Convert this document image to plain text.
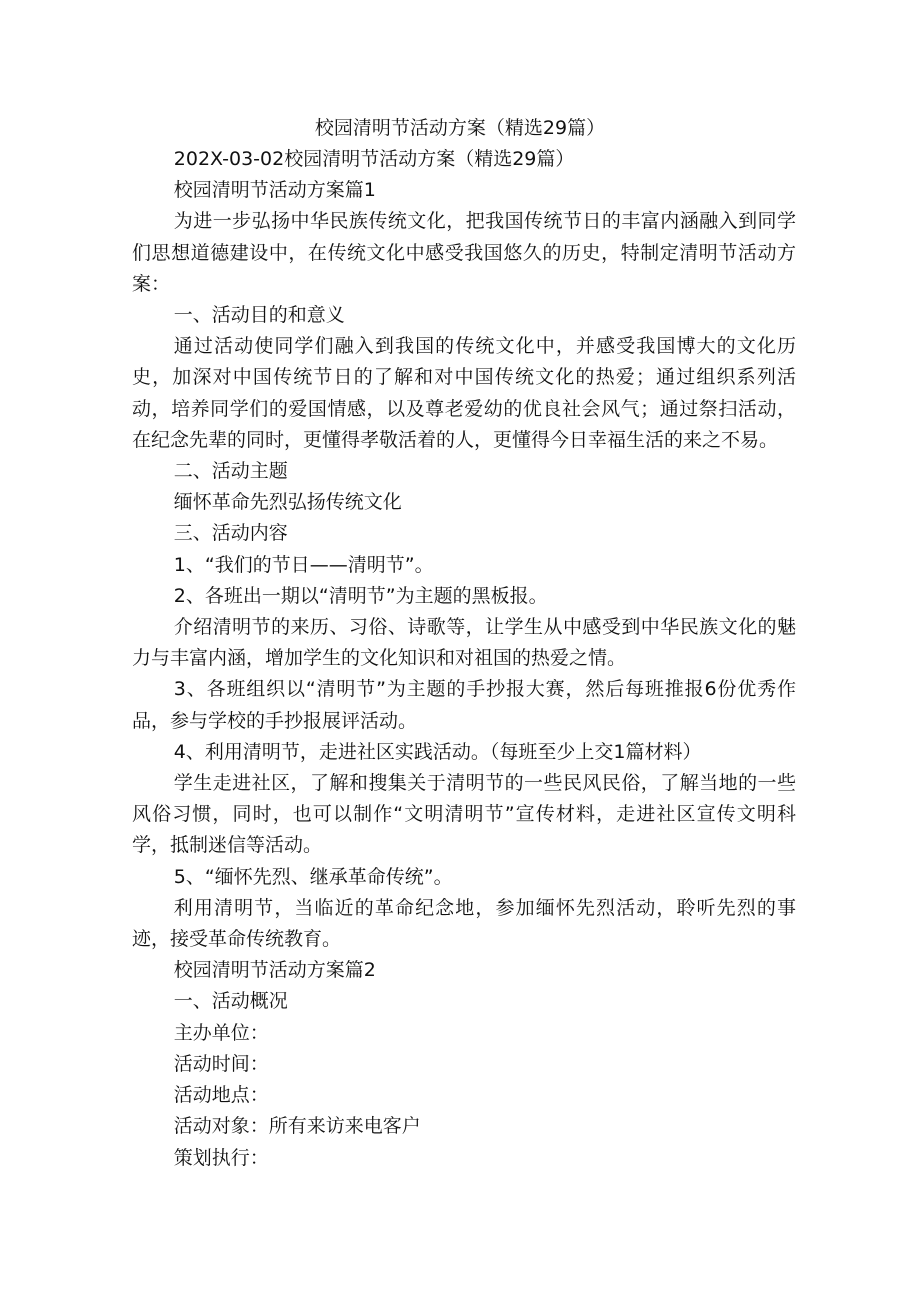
校园清明节活动方案（精选29篇）

202X-03-02校园清明节活动方案（精选29篇）

校园清明节活动方案篇1

为进一步弘扬中华民族传统文化，把我国传统节日的丰富内涵融入到同学们思想道德建设中，在传统文化中感受我国悠久的历史，特制定清明节活动方案：

一、活动目的和意义

通过活动使同学们融入到我国的传统文化中，并感受我国博大的文化历史，加深对中国传统节日的了解和对中国传统文化的热爱；通过组织系列活动，培养同学们的爱国情感，以及尊老爱幼的优良社会风气；通过祭扫活动，在纪念先辈的同时，更懂得孝敬活着的人，更懂得今日幸福生活的来之不易。

二、活动主题

缅怀革命先烈弘扬传统文化

三、活动内容

1、“我们的节日——清明节”。

2、各班出一期以“清明节”为主题的黑板报。

介绍清明节的来历、习俗、诗歌等，让学生从中感受到中华民族文化的魅力与丰富内涵，增加学生的文化知识和对祖国的热爱之情。

3、各班组织以“清明节”为主题的手抄报大赛，然后每班推报6份优秀作品，参与学校的手抄报展评活动。

4、利用清明节，走进社区实践活动。（每班至少上交1篇材料）

学生走进社区，了解和搜集关于清明节的一些民风民俗，了解当地的一些风俗习惯，同时，也可以制作“文明清明节”宣传材料，走进社区宣传文明科学，抵制迷信等活动。

5、“缅怀先烈、继承革命传统”。

利用清明节，当临近的革命纪念地，参加缅怀先烈活动，聆听先烈的事迹，接受革命传统教育。

校园清明节活动方案篇2

一、活动概况

主办单位：

活动时间：

活动地点：

活动对象：所有来访来电客户

策划执行：
